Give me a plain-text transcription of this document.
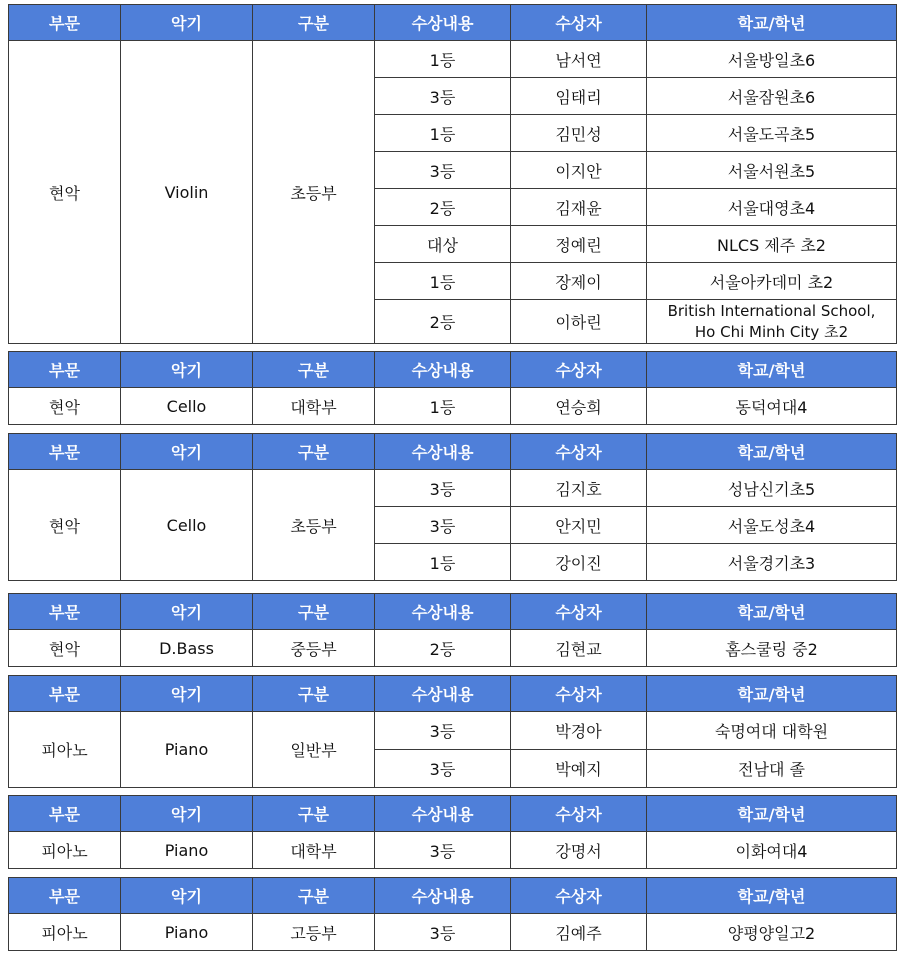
부문	악기	구분	수상내용	수상자	학교/학년
현악	Violin	초등부	1등	남서연	서울방일초6
			3등	임태리	서울잠원초6
			1등	김민성	서울도곡초5
			3등	이지안	서울서원초5
			2등	김재윤	서울대영초4
			대상	정예린	NLCS 제주 초2
			1등	장제이	서울아카데미 초2
			2등	이하린	British International School,
Ho Chi Minh City 초2
부문	악기	구분	수상내용	수상자	학교/학년
현악	Cello	대학부	1등	연승희	동덕여대4
부문	악기	구분	수상내용	수상자	학교/학년
현악	Cello	초등부	3등	김지호	성남신기초5
			3등	안지민	서울도성초4
			1등	강이진	서울경기초3
부문	악기	구분	수상내용	수상자	학교/학년
현악	D.Bass	중등부	2등	김현교	홈스쿨링 중2
부문	악기	구분	수상내용	수상자	학교/학년
피아노	Piano	일반부	3등	박경아	숙명여대 대학원
			3등	박예지	전남대 졸
부문	악기	구분	수상내용	수상자	학교/학년
피아노	Piano	대학부	3등	강명서	이화여대4
부문	악기	구분	수상내용	수상자	학교/학년
피아노	Piano	고등부	3등	김예주	양평양일고2
